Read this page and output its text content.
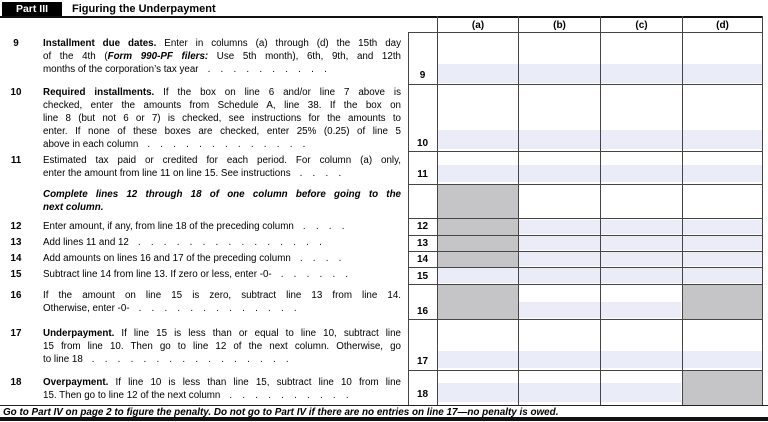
Part III	Figuring the Underpayment
(a)	(b)	(c)	(d)
9
10
11
12
13
14
15
16
17
18
9	Installment due dates. Enter in columns (a) through (d) the 15th day
of the 4th (Form 990-PF filers: Use 5th month), 6th, 9th, and 12th
months of the corporation’s tax year . . . . . . . . . .
10	Required installments. If the box on line 6 and/or line 7 above is
checked, enter the amounts from Schedule A, line 38. If the box on
line 8 (but not 6 or 7) is checked, see instructions for the amounts to
enter. If none of these boxes are checked, enter 25% (0.25) of line 5
above in each column . . . . . . . . . . . . .
11	Estimated tax paid or credited for each period. For column (a) only,
enter the amount from line 11 on line 15. See instructions . . . .
Complete lines 12 through 18 of one column before going to the
next column.
12	Enter amount, if any, from line 18 of the preceding column . . . .
13	Add lines 11 and 12 . . . . . . . . . . . . . . .
14	Add amounts on lines 16 and 17 of the preceding column . . . .
15	Subtract line 14 from line 13. If zero or less, enter -0- . . . . . .
16	If the amount on line 15 is zero, subtract line 13 from line 14.
Otherwise, enter -0- . . . . . . . . . . . . .
17	Underpayment. If line 15 is less than or equal to line 10, subtract line
15 from line 10. Then go to line 12 of the next column. Otherwise, go
to line 18 . . . . . . . . . . . . . . . .
18	Overpayment. If line 10 is less than line 15, subtract line 10 from line
15. Then go to line 12 of the next column . . . . . . . . . .
Go to Part IV on page 2 to figure the penalty. Do not go to Part IV if there are no entries on line 17—no penalty is owed.
